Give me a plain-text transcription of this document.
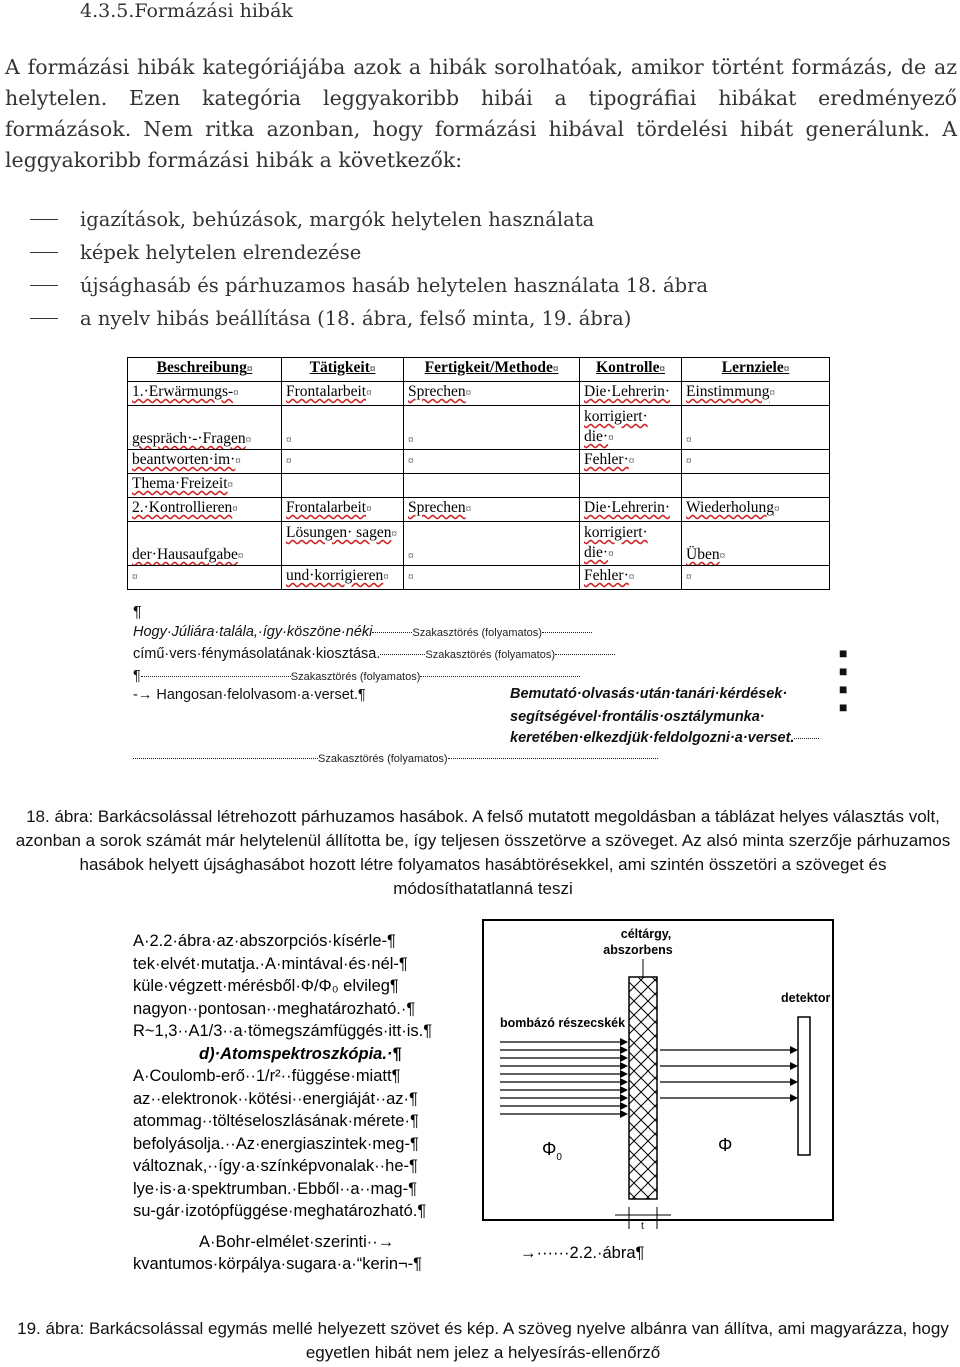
4.3.5.Formázási hibák
A formázási hibák kategóriájába azok a hibák sorolhatóak, amikor történt formázás, de az helytelen. Ezen kategória leggyakoribb hibái a tipográfiai hibákat eredményező formázások. Nem ritka azonban, hogy formázási hibával tördelési hibát generálunk. A leggyakoribb formázási hibák a következők:
igazítások, behúzások, margók helytelen használata
képek helytelen elrendezése
újsághasáb és párhuzamos hasáb helytelen használata 18. ábra
a nyelv hibás beállítása (18. ábra, felső minta, 19. ábra)
Beschreibung¤	Tätigkeit¤	Fertigkeit/Methode¤	Kontrolle¤	Lernziele¤
1.·Erwärmungs-¤	Frontalarbeit¤	Sprechen¤	Die·Lehrerin·	Einstimmung¤
gespräch·-·Fragen¤	¤	¤	korrigiert· die·¤	¤
beantworten·im·¤	¤	¤	Fehler·¤	¤
Thema·Freizeit¤				
2.·Kontrollieren¤	Frontalarbeit¤	Sprechen¤	Die·Lehrerin·	Wiederholung¤
der·Hausaufgabe¤	Lösungen· sagen¤	¤	korrigiert· die·¤	Üben¤
¤	und·korrigieren¤	¤	Fehler·¤	¤
¶
Hogy·Júliára·talála,·így·köszöne·néki	Szakasztörés (folyamatos)
című·vers·fénymásolatának·kiosztása.	Szakasztörés (folyamatos)
¶	Szakasztörés (folyamatos)
-→ Hangosan·felolvasom·a·verset.¶	Bemutató·olvasás·után·tanári·kérdések·
segítségével·frontális·osztálymunka·
keretében·elkezdjük·feldolgozni·a·verset.
Szakasztörés (folyamatos)
■
■
■
■
18. ábra: Barkácsolással létrehozott párhuzamos hasábok. A felső mutatott megoldásban a táblázat helyes választás volt, azonban a sorok számát már helytelenül állította be, így teljesen összetörve a szöveget. Az alsó minta szerzője párhuzamos hasábok helyett újsághasábot hozott létre folyamatos hasábtörésekkel, ami szintén összetöri a szöveget és módosíthatatlanná teszi
A·2.2·ábra·az·abszorpciós·kísérle-¶
tek·elvét·mutatja.·A·mintával·és·nél-¶
küle·végzett·mérésből·Φ/Φ₀ elvileg¶
nagyon··pontosan··meghatározható.·¶
R~1,3··A1/3··a·tömegszámfüggés·itt·is.¶
d)·Atomspektroszkópia.·¶
A·Coulomb-erő··1/r²··függése·miatt¶
az··elektronok··kötési··energiáját··az·¶
atommag··töltéseloszlásának·mérete·¶
befolyásolja.··Az·energiaszintek·meg-¶
változnak,··így·a·színképvonalak··he-¶
lye·is·a·spektrumban.·Ebből··a··mag-¶
su-gár·izotópfüggése·meghatározható.¶
A·Bohr-elmélet·szerinti··→
kvantumos·körpálya·sugara·a·“kerin¬-¶
→······2.2.·ábra¶
céltárgy,
abszorbens
bombázó részecskék
detektor
$\Phi_0$
Φ
t
19. ábra: Barkácsolással egymás mellé helyezett szövet és kép. A szöveg nyelve albánra van állítva, ami magyarázza, hogy egyetlen hibát nem jelez a helyesírás-ellenőrző
